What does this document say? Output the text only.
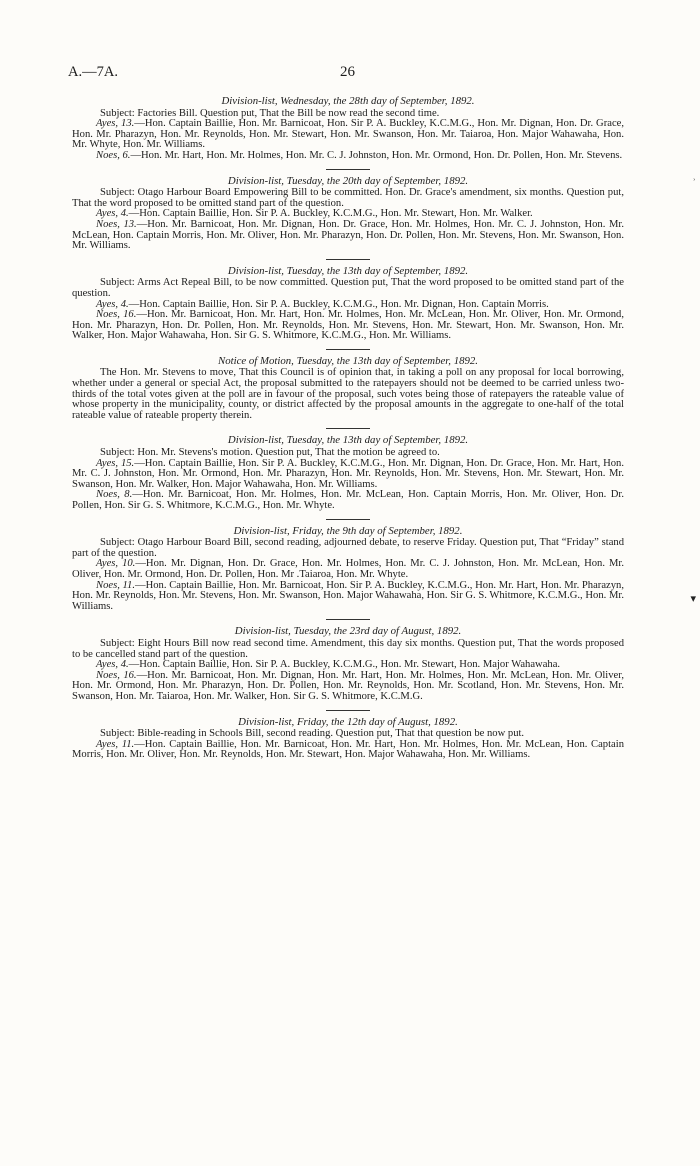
A.—7A.	26
˒
▾
Division-list, Wednesday, the 28th day of September, 1892.

Subject: Factories Bill. Question put, That the Bill be now read the second time.

Ayes, 13.—Hon. Captain Baillie, Hon. Mr. Barnicoat, Hon. Sir P. A. Buckley, K.C.M.G., Hon. Mr. Dignan, Hon. Dr. Grace, Hon. Mr. Pharazyn, Hon. Mr. Reynolds, Hon. Mr. Stewart, Hon. Mr. Swanson, Hon. Mr. Taiaroa, Hon. Major Wahawaha, Hon. Mr. Whyte, Hon. Mr. Williams.

Noes, 6.—Hon. Mr. Hart, Hon. Mr. Holmes, Hon. Mr. C. J. Johnston, Hon. Mr. Ormond, Hon. Dr. Pollen, Hon. Mr. Stevens.

Division-list, Tuesday, the 20th day of September, 1892.

Subject: Otago Harbour Board Empowering Bill to be committed. Hon. Dr. Grace's amendment, six months. Question put, That the word proposed to be omitted stand part of the question.

Ayes, 4.—Hon. Captain Baillie, Hon. Sir P. A. Buckley, K.C.M.G., Hon. Mr. Stewart, Hon. Mr. Walker.

Noes, 13.—Hon. Mr. Barnicoat, Hon. Mr. Dignan, Hon. Dr. Grace, Hon. Mr. Holmes, Hon. Mr. C. J. Johnston, Hon. Mr. McLean, Hon. Captain Morris, Hon. Mr. Oliver, Hon. Mr. Pharazyn, Hon. Dr. Pollen, Hon. Mr. Stevens, Hon. Mr. Swanson, Hon. Mr. Williams.

Division-list, Tuesday, the 13th day of September, 1892.

Subject: Arms Act Repeal Bill, to be now committed. Question put, That the word proposed to be omitted stand part of the question.

Ayes, 4.—Hon. Captain Baillie, Hon. Sir P. A. Buckley, K.C.M.G., Hon. Mr. Dignan, Hon. Captain Morris.

Noes, 16.—Hon. Mr. Barnicoat, Hon. Mr. Hart, Hon. Mr. Holmes, Hon. Mr. McLean, Hon. Mr. Oliver, Hon. Mr. Ormond, Hon. Mr. Pharazyn, Hon. Dr. Pollen, Hon. Mr. Reynolds, Hon. Mr. Stevens, Hon. Mr. Stewart, Hon. Mr. Swanson, Hon. Mr. Walker, Hon. Major Wahawaha, Hon. Sir G. S. Whitmore, K.C.M.G., Hon. Mr. Williams.

Notice of Motion, Tuesday, the 13th day of September, 1892.

The Hon. Mr. Stevens to move, That this Council is of opinion that, in taking a poll on any proposal for local borrowing, whether under a general or special Act, the proposal submitted to the ratepayers should not be deemed to be carried unless two-thirds of the total votes given at the poll are in favour of the proposal, such votes being those of ratepayers the rateable value of whose property in the municipality, county, or district affected by the proposal amounts in the aggregate to one-half of the total rateable value of rateable property therein.

Division-list, Tuesday, the 13th day of September, 1892.

Subject: Hon. Mr. Stevens's motion. Question put, That the motion be agreed to.

Ayes, 15.—Hon. Captain Baillie, Hon. Sir P. A. Buckley, K.C.M.G., Hon. Mr. Dignan, Hon. Dr. Grace, Hon. Mr. Hart, Hon. Mr. C. J. Johnston, Hon. Mr. Ormond, Hon. Mr. Pharazyn, Hon. Mr. Reynolds, Hon. Mr. Stevens, Hon. Mr. Stewart, Hon. Mr. Swanson, Hon. Mr. Walker, Hon. Major Wahawaha, Hon. Mr. Williams.

Noes, 8.—Hon. Mr. Barnicoat, Hon. Mr. Holmes, Hon. Mr. McLean, Hon. Captain Morris, Hon. Mr. Oliver, Hon. Dr. Pollen, Hon. Sir G. S. Whitmore, K.C.M.G., Hon. Mr. Whyte.

Division-list, Friday, the 9th day of September, 1892.

Subject: Otago Harbour Board Bill, second reading, adjourned debate, to reserve Friday. Question put, That “Friday” stand part of the question.

Ayes, 10.—Hon. Mr. Dignan, Hon. Dr. Grace, Hon. Mr. Holmes, Hon. Mr. C. J. Johnston, Hon. Mr. McLean, Hon. Mr. Oliver, Hon. Mr. Ormond, Hon. Dr. Pollen, Hon. Mr .Taiaroa, Hon. Mr. Whyte.

Noes, 11.—Hon. Captain Baillie, Hon. Mr. Barnicoat, Hon. Sir P. A. Buckley, K.C.M.G., Hon. Mr. Hart, Hon. Mr. Pharazyn, Hon. Mr. Reynolds, Hon. Mr. Stevens, Hon. Mr. Swanson, Hon. Major Wahawaha, Hon. Sir G. S. Whitmore, K.C.M.G., Hon. Mr. Williams.

Division-list, Tuesday, the 23rd day of August, 1892.

Subject: Eight Hours Bill now read second time. Amendment, this day six months. Question put, That the words proposed to be cancelled stand part of the question.

Ayes, 4.—Hon. Captain Baillie, Hon. Sir P. A. Buckley, K.C.M.G., Hon. Mr. Stewart, Hon. Major Wahawaha.

Noes, 16.—Hon. Mr. Barnicoat, Hon. Mr. Dignan, Hon. Mr. Hart, Hon. Mr. Holmes, Hon. Mr. McLean, Hon. Mr. Oliver, Hon. Mr. Ormond, Hon. Mr. Pharazyn, Hon. Dr. Pollen, Hon. Mr. Reynolds, Hon. Mr. Scotland, Hon. Mr. Stevens, Hon. Mr. Swanson, Hon. Mr. Taiaroa, Hon. Mr. Walker, Hon. Sir G. S. Whitmore, K.C.M.G.

Division-list, Friday, the 12th day of August, 1892.

Subject: Bible-reading in Schools Bill, second reading. Question put, That that question be now put.

Ayes, 11.—Hon. Captain Baillie, Hon. Mr. Barnicoat, Hon. Mr. Hart, Hon. Mr. Holmes, Hon. Mr. McLean, Hon. Captain Morris, Hon. Mr. Oliver, Hon. Mr. Reynolds, Hon. Mr. Stewart, Hon. Major Wahawaha, Hon. Mr. Williams.
